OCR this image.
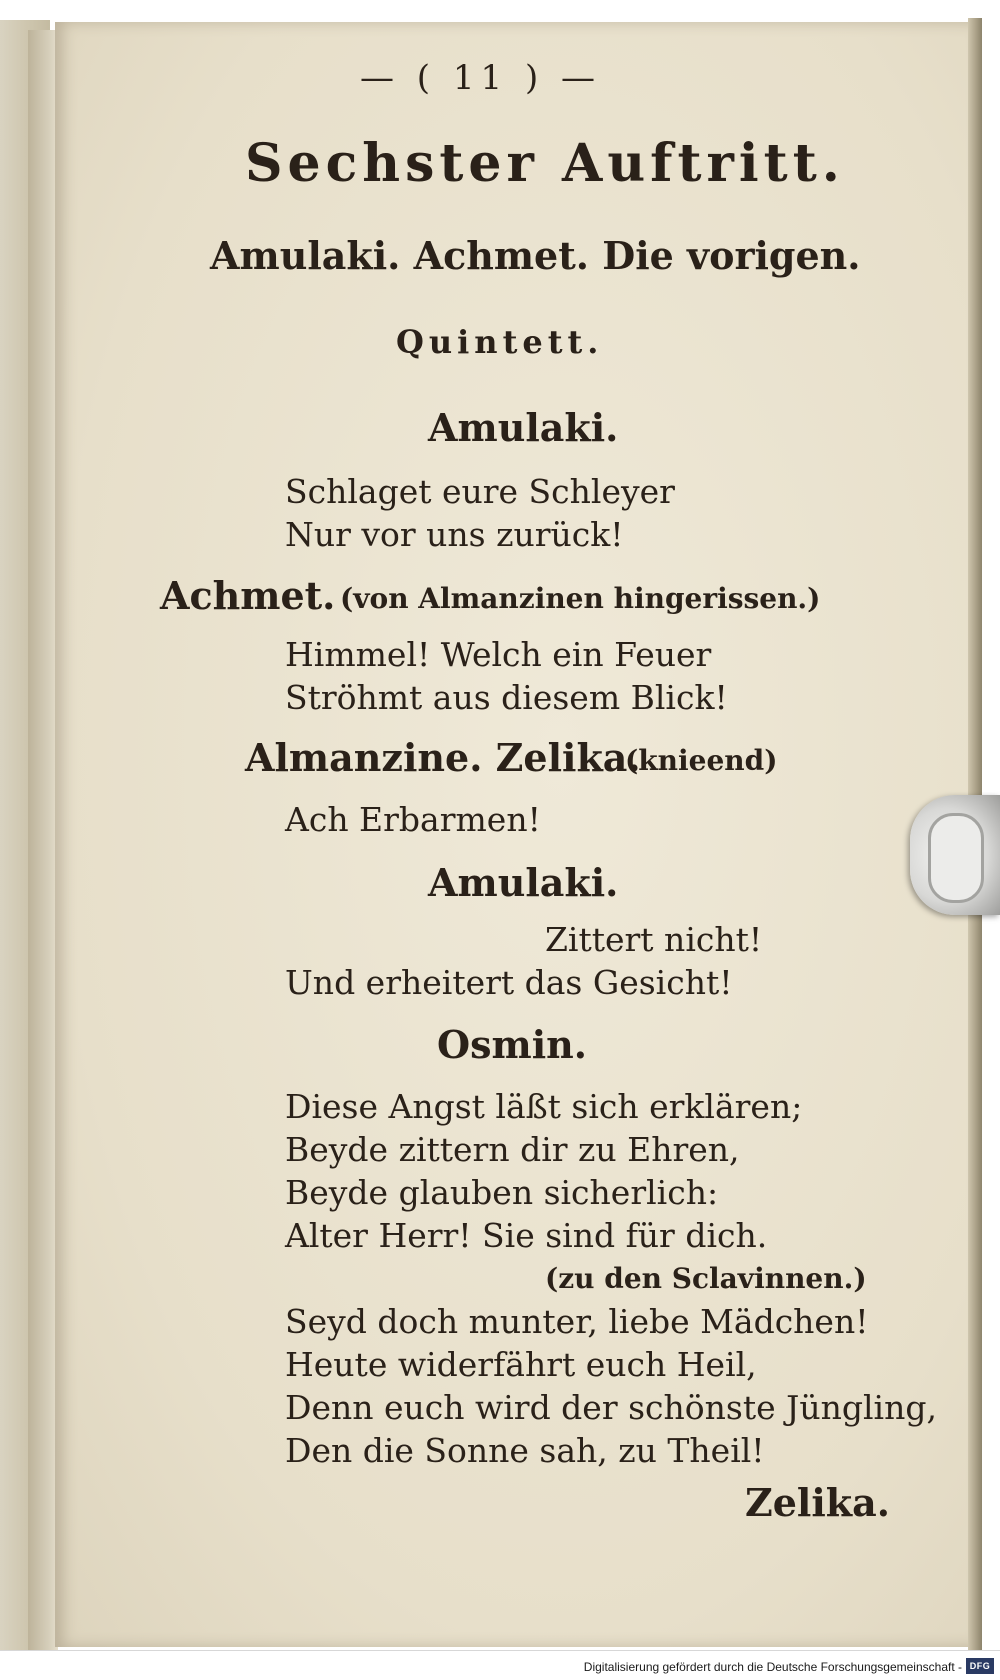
— ( 11 ) —
Sechster Auftritt.
Amulaki. Achmet. Die vorigen.
Quintett.
Amulaki.
Schlaget eure Schleyer
Nur vor uns zurück!
Achmet. (von Almanzinen hingerissen.)
Himmel! Welch ein Feuer
Ströhmt aus diesem Blick!
Almanzine. Zelika.
(knieend)
Ach Erbarmen!
Amulaki.
Zittert nicht!
Und erheitert das Gesicht!
Osmin.
Diese Angst läßt sich erklären;
Beyde zittern dir zu Ehren,
Beyde glauben sicherlich:
Alter Herr! Sie sind für dich.
(zu den Sclavinnen.)
Seyd doch munter, liebe Mädchen!
Heute widerfährt euch Heil,
Denn euch wird der schönste Jüngling,
Den die Sonne sah, zu Theil!
Zelika.
Digitalisierung gefördert durch die Deutsche Forschungsgemeinschaft - DFG
